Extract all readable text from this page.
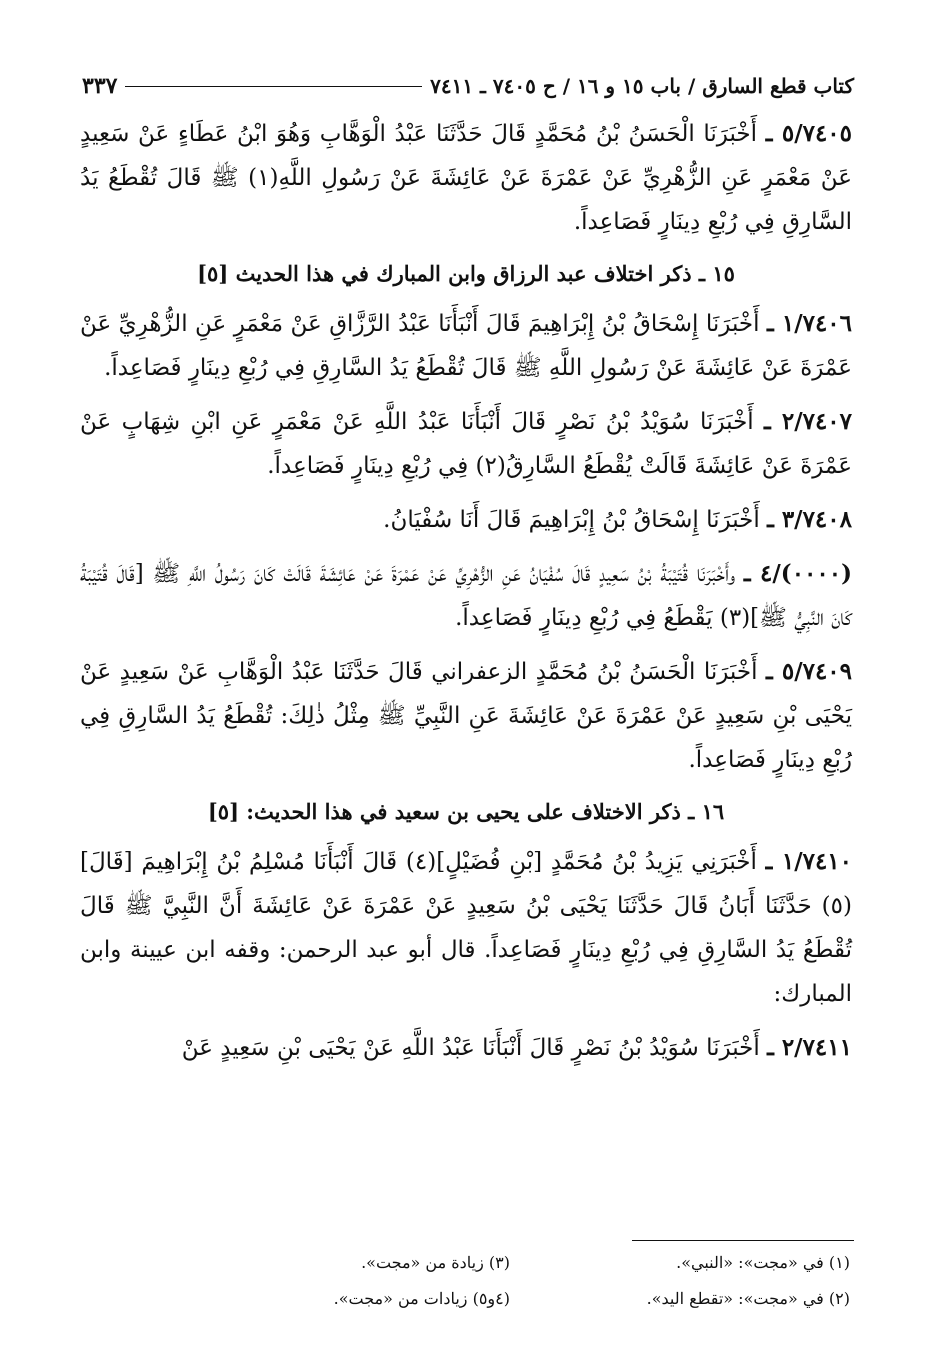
كتاب قطع السارق / باب ١٥ و ١٦ / ح ٧٤٠٥ ـ ٧٤١١
٣٣٧

٥/٧٤٠٥ ـ أَخْبَرَنَا الْحَسَنُ بْنُ مُحَمَّدٍ قَالَ حَدَّثَنَا عَبْدُ الْوَهَّابِ وَهُوَ ابْنُ عَطَاءٍ عَنْ سَعِيدٍ عَنْ مَعْمَرٍ عَنِ الزُّهْرِيِّ عَنْ عَمْرَةَ عَنْ عَائِشَةَ عَنْ رَسُولِ اللَّهِ(١) ﷺ قَالَ تُقْطَعُ يَدُ السَّارِقِ فِي رُبْعِ دِينَارٍ فَصَاعِداً.

١٥ ـ ذكر اختلاف عبد الرزاق وابن المبارك في هذا الحديث [٥]

١/٧٤٠٦ ـ أَخْبَرَنَا إِسْحَاقُ بْنُ إِبْرَاهِيمَ قَالَ أَنْبَأَنَا عَبْدُ الرَّزَّاقِ عَنْ مَعْمَرٍ عَنِ الزُّهْرِيِّ عَنْ عَمْرَةَ عَنْ عَائِشَةَ عَنْ رَسُولِ اللَّهِ ﷺ قَالَ تُقْطَعُ يَدُ السَّارِقِ فِي رُبْعِ دِينَارٍ فَصَاعِداً.

٢/٧٤٠٧ ـ أَخْبَرَنَا سُوَيْدُ بْنُ نَصْرٍ قَالَ أَنْبَأَنَا عَبْدُ اللَّهِ عَنْ مَعْمَرٍ عَنِ ابْنِ شِهَابٍ عَنْ عَمْرَةَ عَنْ عَائِشَةَ قَالَتْ يُقْطَعُ السَّارِقُ(٢) فِي رُبْعِ دِينَارٍ فَصَاعِداً.

٣/٧٤٠٨ ـ أَخْبَرَنَا إِسْحَاقُ بْنُ إِبْرَاهِيمَ قَالَ أَنَا سُفْيَانُ.

(٠٠٠٠)/٤ ـ وأَخْبَرَنَا قُتَيْبَةُ بْنُ سَعِيدٍ قَالَ سُفْيَانُ عَنِ الزُّهْرِيِّ عَنْ عَمْرَةَ عَنْ عَائِشَةَ قَالَتْ كَانَ رَسُولُ اللَّهِ ﷺ [قَالَ قُتَيْبَةُ كَانَ النَّبِيُّ ﷺ](٣) يَقْطَعُ فِي رُبْعِ دِينَارٍ فَصَاعِداً.

٥/٧٤٠٩ ـ أَخْبَرَنَا الْحَسَنُ بْنُ مُحَمَّدٍ الزعفراني قَالَ حَدَّثَنَا عَبْدُ الْوَهَّابِ عَنْ سَعِيدٍ عَنْ يَحْيَى بْنِ سَعِيدٍ عَنْ عَمْرَةَ عَنْ عَائِشَةَ عَنِ النَّبِيِّ ﷺ مِثْلُ ذٰلِكَ: تُقْطَعُ يَدُ السَّارِقِ فِي رُبْعِ دِينَارٍ فَصَاعِداً.

١٦ ـ ذكر الاختلاف على يحيى بن سعيد في هذا الحديث: [٥]

١/٧٤١٠ ـ أَخْبَرَنِي يَزِيدُ بْنُ مُحَمَّدٍ [بْنِ فُضَيْلٍ](٤) قَالَ أَنْبَأَنَا مُسْلِمُ بْنُ إِبْرَاهِيمَ [قَالَ](٥) حَدَّثَنَا أَبَانُ قَالَ حَدَّثَنَا يَحْيَى بْنُ سَعِيدٍ عَنْ عَمْرَةَ عَنْ عَائِشَةَ أَنَّ النَّبِيَّ ﷺ قَالَ تُقْطَعُ يَدُ السَّارِقِ فِي رُبْعِ دِينَارٍ فَصَاعِداً. قال أبو عبد الرحمن: وقفه ابن عيينة وابن المبارك:

٢/٧٤١١ ـ أَخْبَرَنَا سُوَيْدُ بْنُ نَصْرٍ قَالَ أَنْبَأَنَا عَبْدُ اللَّهِ عَنْ يَحْيَى بْنِ سَعِيدٍ عَنْ

(١) في «مجت»: «النبي».
(٢) في «مجت»: «تقطع اليد».
(٣) زيادة من «مجت».
(٤و٥) زيادات من «مجت».
